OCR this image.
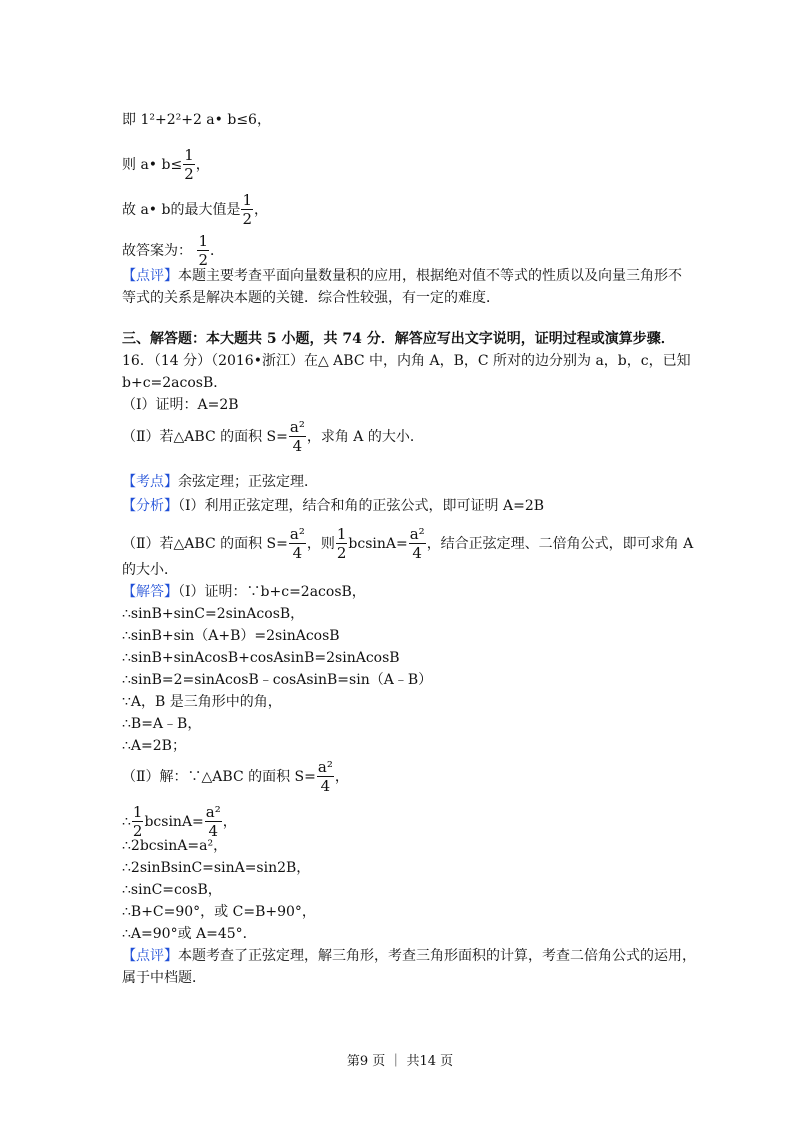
即 1²+2²+2 a• b≤6，
则 a• $b\le \frac{1}{2}$ ，
故 a• b的最大值是 $\frac{1}{2}$ ，
故答案为： $\frac{1}{2}$ ．
【点评】本题主要考查平面向量数量积的应用，根据绝对值不等式的性质以及向量三角形不
等式的关系是解决本题的关键．综合性较强，有一定的难度．
三、解答题：本大题共 5 小题，共 74 分．解答应写出文字说明，证明过程或演算步骤．
16．（14 分）（2016•浙江）在△ ABC 中，内角 A，B，C 所对的边分别为 a，b，c，已知
b+c=2acosB．
（Ⅰ）证明：A=2B
（Ⅱ）若△ABC 的面积 $S= \frac{\text{a²}}{4}$ ，求角 A 的大小．
【考点】余弦定理；正弦定理．
【分析】（Ⅰ）利用正弦定理，结合和角的正弦公式，即可证明 A=2B
（Ⅱ）若△ABC 的面积 $S= \frac{\text{a²}}{4}$ ，则 $\frac{1}{2} bcsinA= \frac{\text{a²}}{4}$ ，结合正弦定理、二倍角公式，即可求角 A
的大小．
【解答】（Ⅰ）证明：∵b+c=2acosB，
∴sinB+sinC=2sinAcosB，
∴sinB+sin（A+B）=2sinAcosB
∴sinB+sinAcosB+cosAsinB=2sinAcosB
∴sinB=2=sinAcosB﹣cosAsinB=sin（A﹣B）
∵A，B 是三角形中的角，
∴B=A﹣B，
∴A=2B；
（Ⅱ）解：∵△ABC 的面积 $S= \frac{\text{a²}}{4}$ ，
∴ $\frac{1}{2} bcsinA= \frac{\text{a²}}{4}$ ，
∴2bcsinA=a²，
∴2sinBsinC=sinA=sin2B，
∴sinC=cosB，
∴B+C=90°，或 C=B+90°，
∴A=90°或 A=45°．
【点评】本题考查了正弦定理，解三角形，考查三角形面积的计算，考查二倍角公式的运用，
属于中档题．
第9 页 ｜ 共14 页
